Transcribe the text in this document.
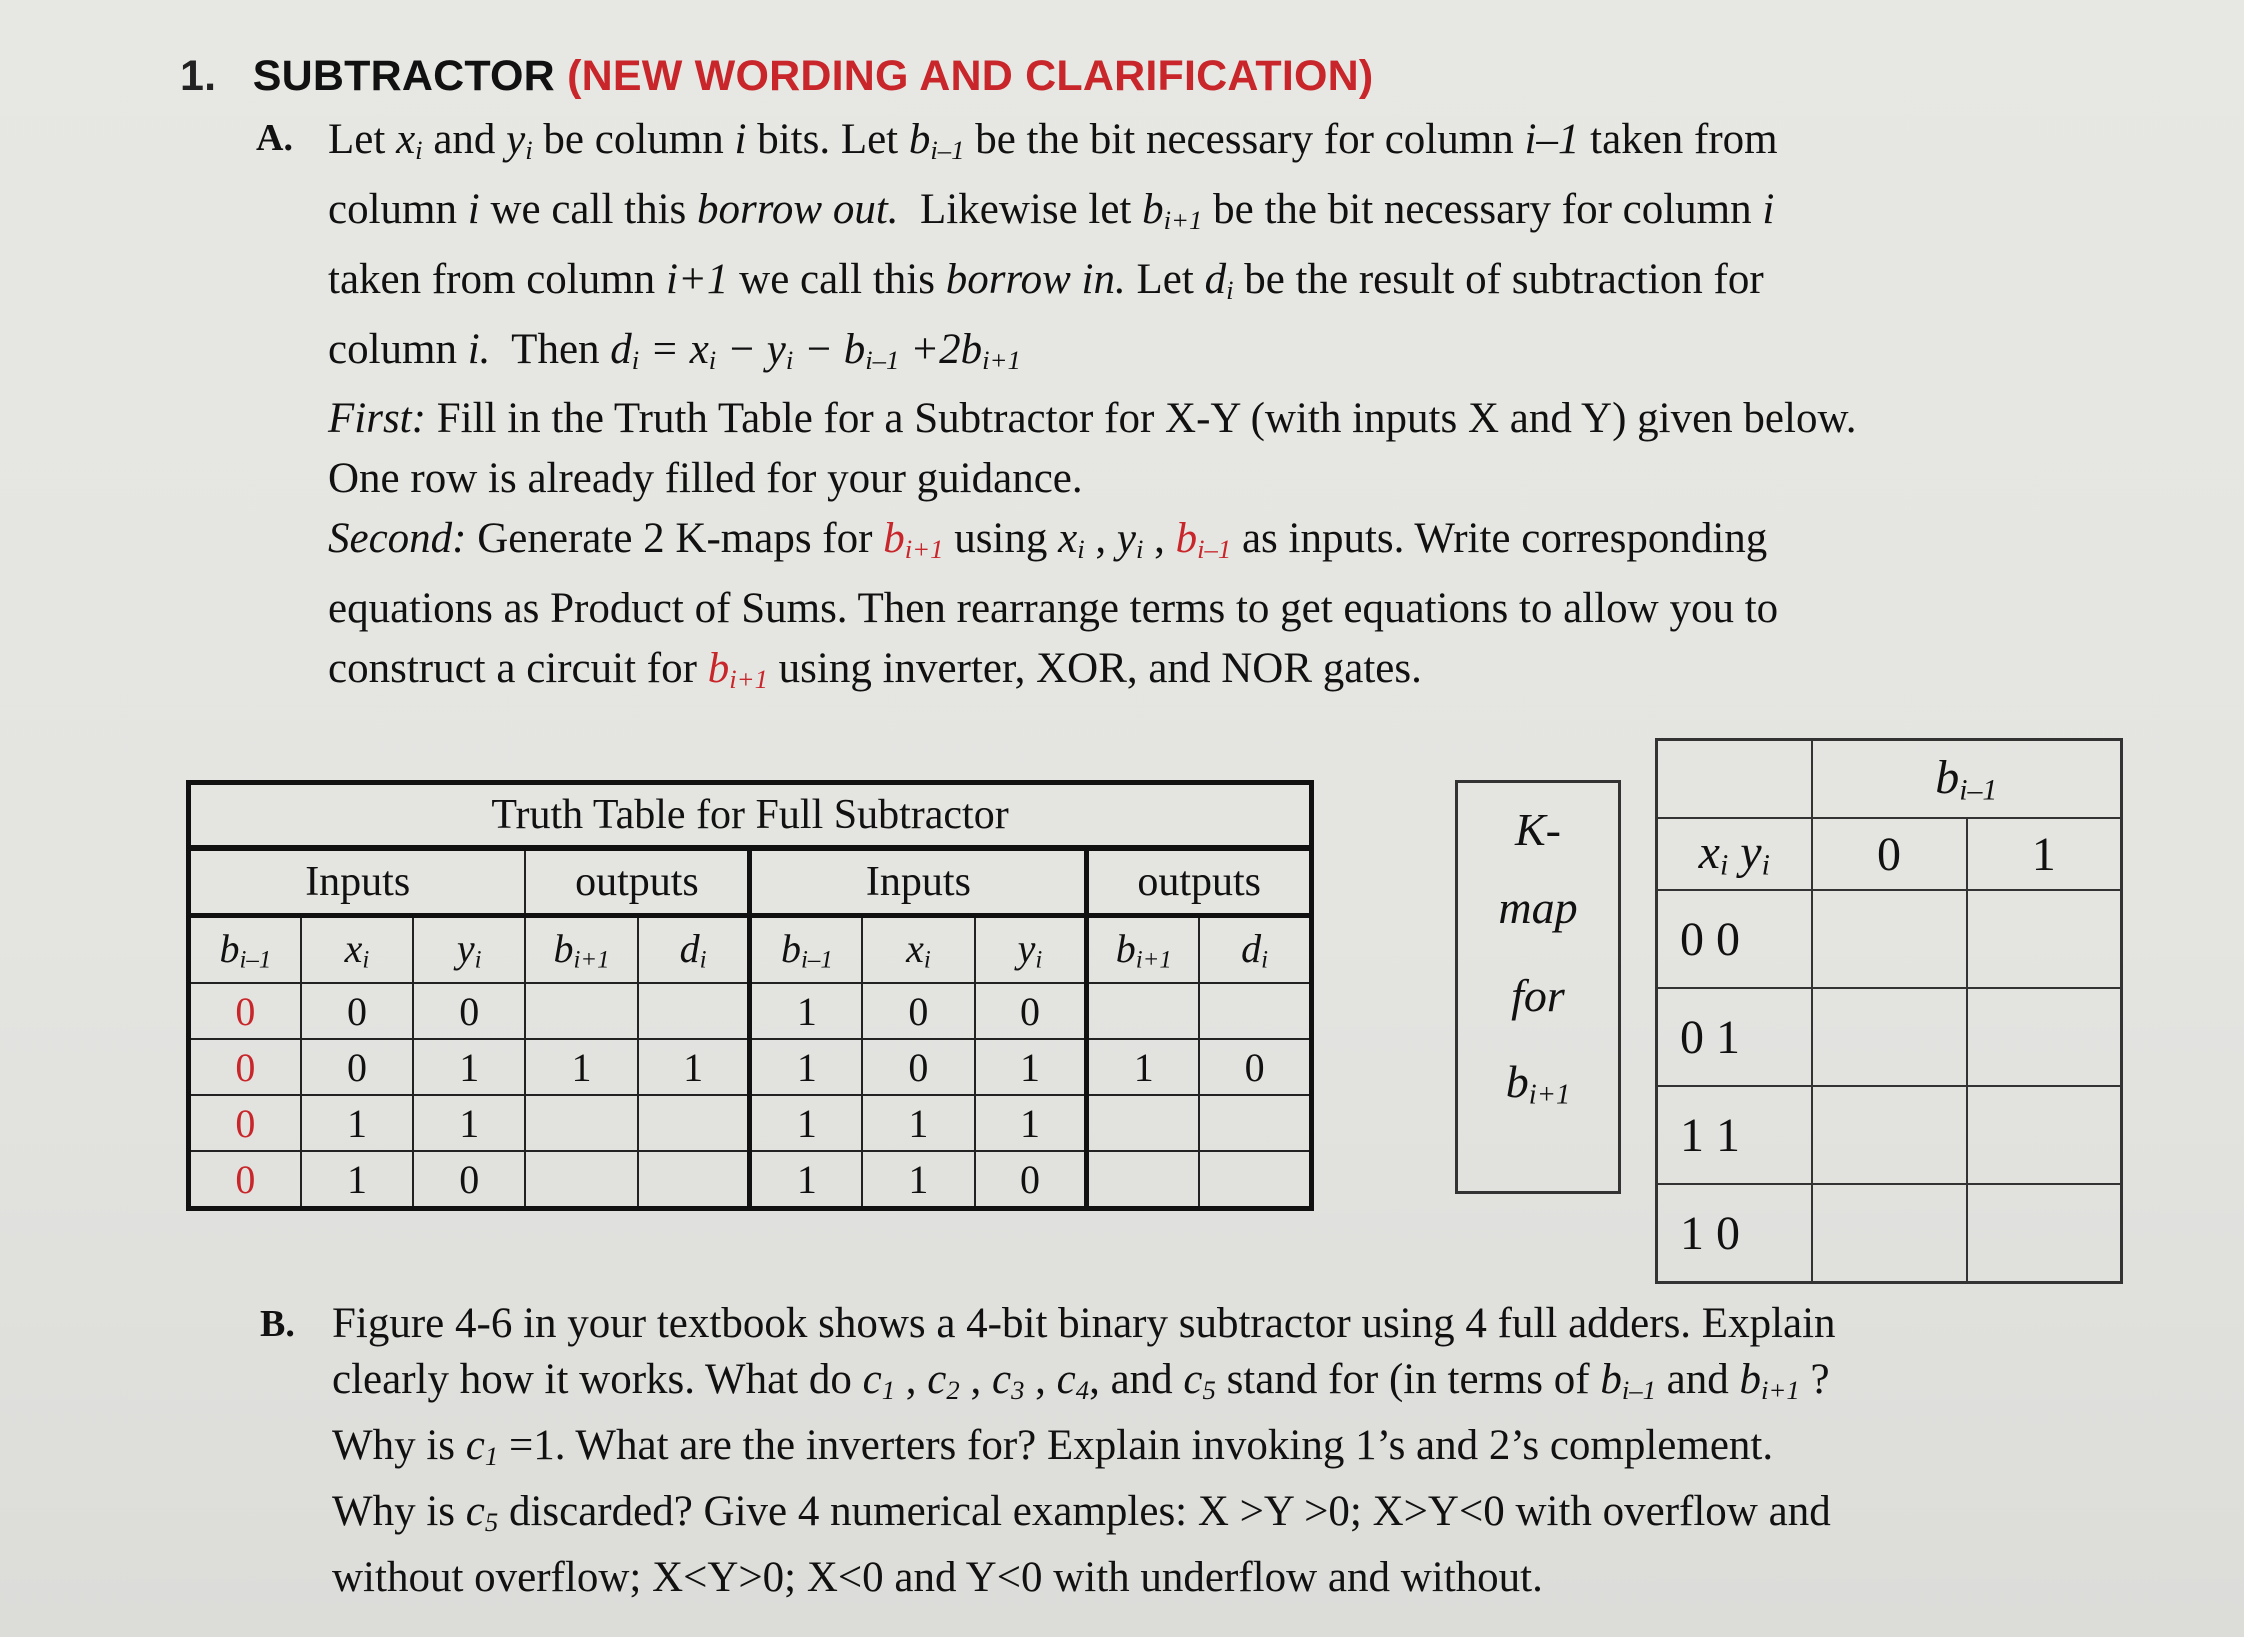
1. SUBTRACTOR (NEW WORDING AND CLARIFICATION)
A. Let $x_i$ and $y_i$ be column i bits. Let $b_{i-1}$ be the bit necessary for column i–1 taken from

column i we call this borrow out. Likewise let $b_{i+1}$ be the bit necessary for column i

taken from column i+1 we call this borrow in. Let $d_i$ be the result of subtraction for

column i. Then $d_i = x_i - y_i - b_{i-1} +2b_{i+1}$

First: Fill in the Truth Table for a Subtractor for X-Y (with inputs X and Y) given below.

One row is already filled for your guidance.

Second: Generate 2 K-maps for $b_{i+1}$ using $x_i$ , $y_i$ , $b_{i-1}$ as inputs. Write corresponding

equations as Product of Sums. Then rearrange terms to get equations to allow you to

construct a circuit for $b_{i+1}$ using inverter, XOR, and NOR gates.

Truth Table for Full Subtractor									
Inputs			outputs		Inputs			outputs	
$b_{i-1}$	$x_i$	$y_i$	$b_{i+1}$	$d_i$	$b_{i-1}$	$x_i$	$y_i$	$b_{i+1}$	$d_i$
0	0	0			1	0	0		
0	0	1	1	1	1	0	1	1	0
0	1	1			1	1	1		
0	1	0			1	1	0		
K-
map
for
$b_{i+1}$
	$b_{i-1}$
$x_i$ $y_i$	0	1
0 0		
0 1		
1 1		
1 0		
B. Figure 4-6 in your textbook shows a 4-bit binary subtractor using 4 full adders. Explain

clearly how it works. What do $c_1$ , $c_2$ , $c_3$ , $c_4$, and $c_5$ stand for (in terms of $b_{i-1}$ and $b_{i+1}$ ?

Why is $c_1 =1$. What are the inverters for? Explain invoking 1’s and 2’s complement.

Why is $c_5$ discarded? Give 4 numerical examples: X >Y >0; X>Y<0 with overflow and

without overflow; X<Y>0; X<0 and Y<0 with underflow and without.
